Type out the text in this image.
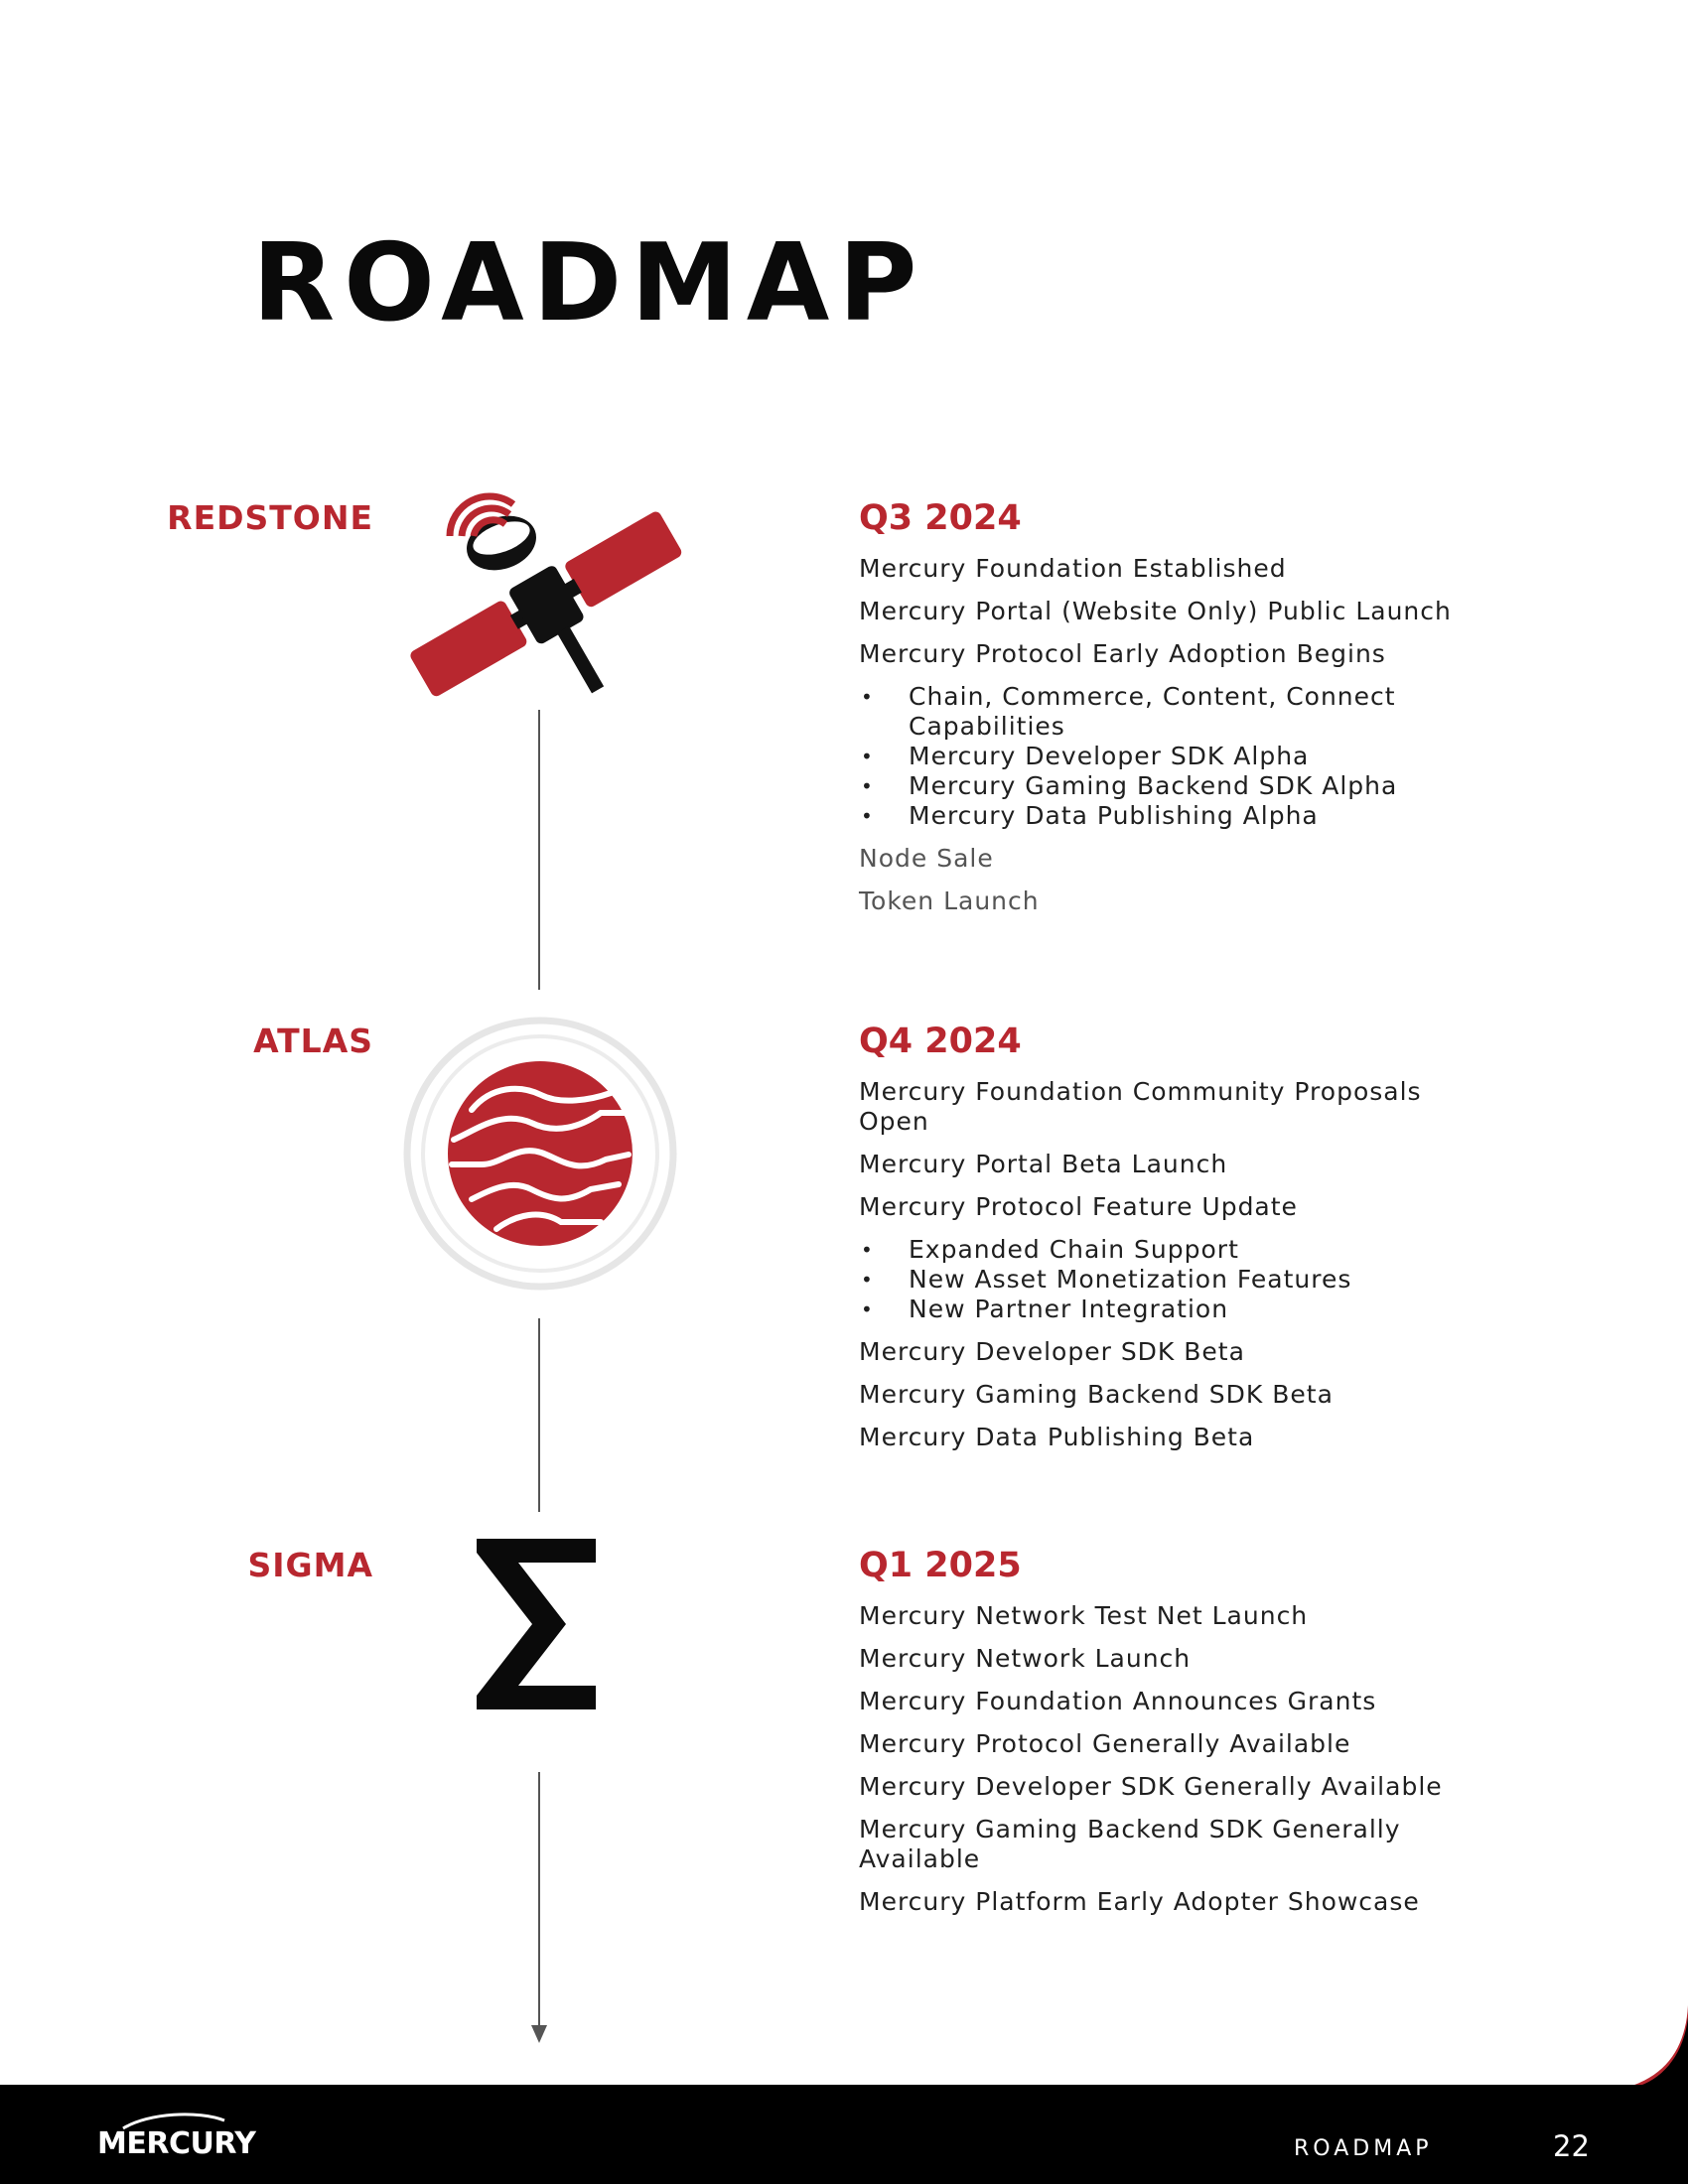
ROADMAP
REDSTONE
ATLAS
SIGMA
Q3 2024
Mercury Foundation Established
Mercury Portal (Website Only) Public Launch
Mercury Protocol Early Adoption Begins
• Chain, Commerce, Content, Connect Capabilities
• Mercury Developer SDK Alpha
• Mercury Gaming Backend SDK Alpha
• Mercury Data Publishing Alpha
Node Sale
Token Launch
Q4 2024
Mercury Foundation Community Proposals Open
Mercury Portal Beta Launch
Mercury Protocol Feature Update
• Expanded Chain Support
• New Asset Monetization Features
• New Partner Integration
Mercury Developer SDK Beta
Mercury Gaming Backend SDK Beta
Mercury Data Publishing Beta
Q1 2025
Mercury Network Test Net Launch
Mercury Network Launch
Mercury Foundation Announces Grants
Mercury Protocol Generally Available
Mercury Developer SDK Generally Available
Mercury Gaming Backend SDK Generally Available
Mercury Platform Early Adopter Showcase
MERCURY	ROADMAP	22
